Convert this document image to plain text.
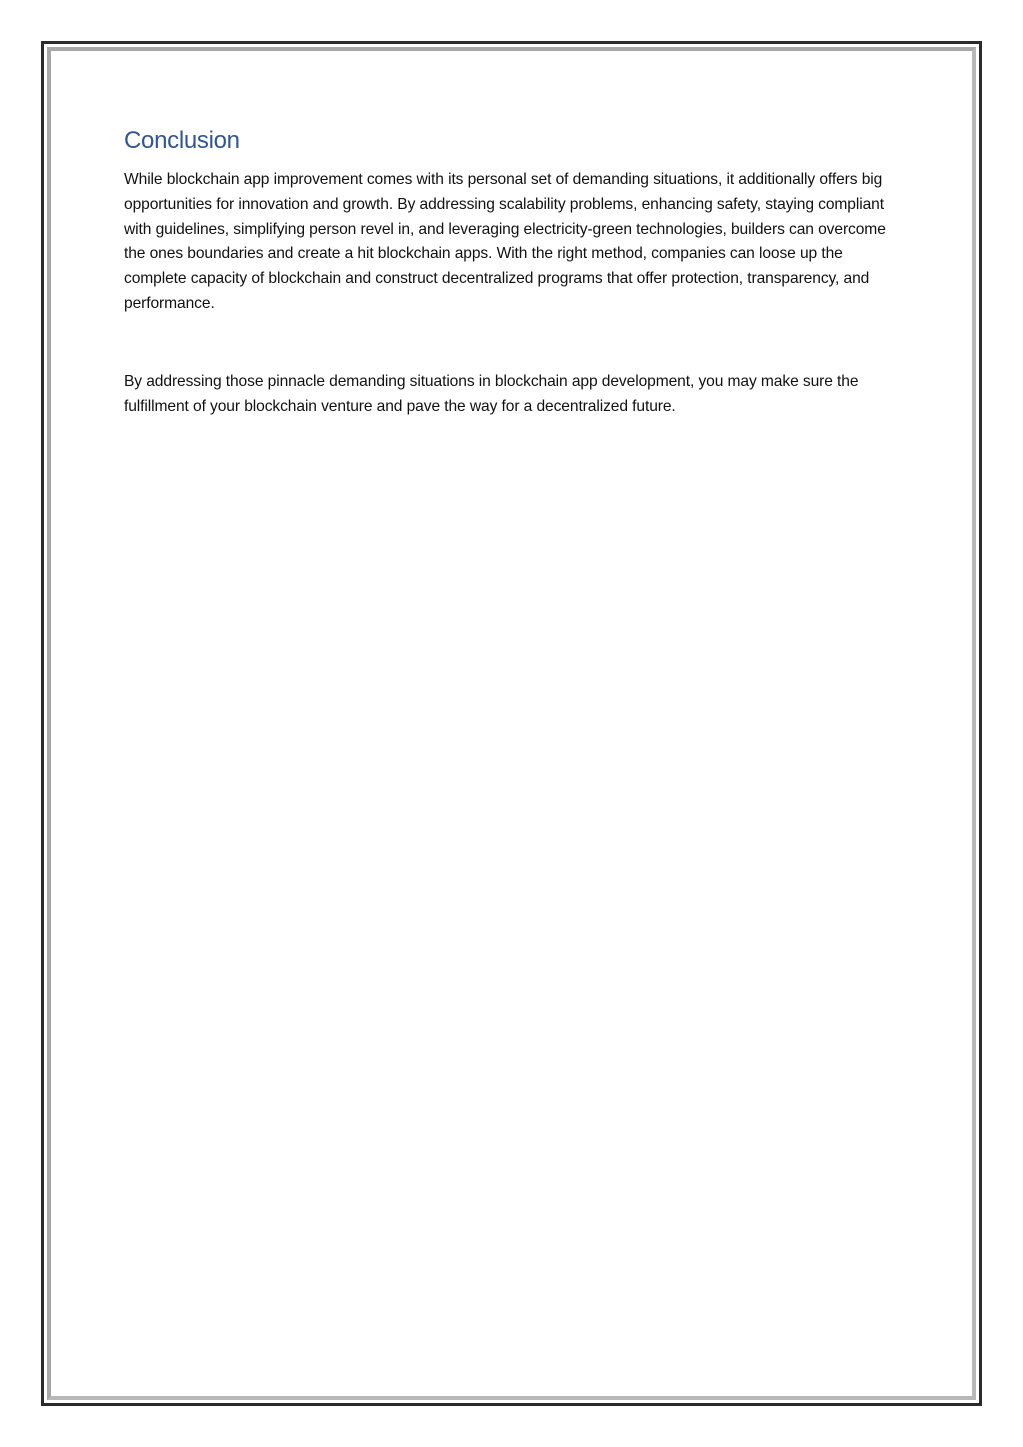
Conclusion

While blockchain app improvement comes with its personal set of demanding situations, it additionally offers big opportunities for innovation and growth. By addressing scalability problems, enhancing safety, staying compliant with guidelines, simplifying person revel in, and leveraging electricity-green technologies, builders can overcome the ones boundaries and create a hit blockchain apps. With the right method, companies can loose up the complete capacity of blockchain and construct decentralized programs that offer protection, transparency, and performance.

By addressing those pinnacle demanding situations in blockchain app development, you may make sure the fulfillment of your blockchain venture and pave the way for a decentralized future.
